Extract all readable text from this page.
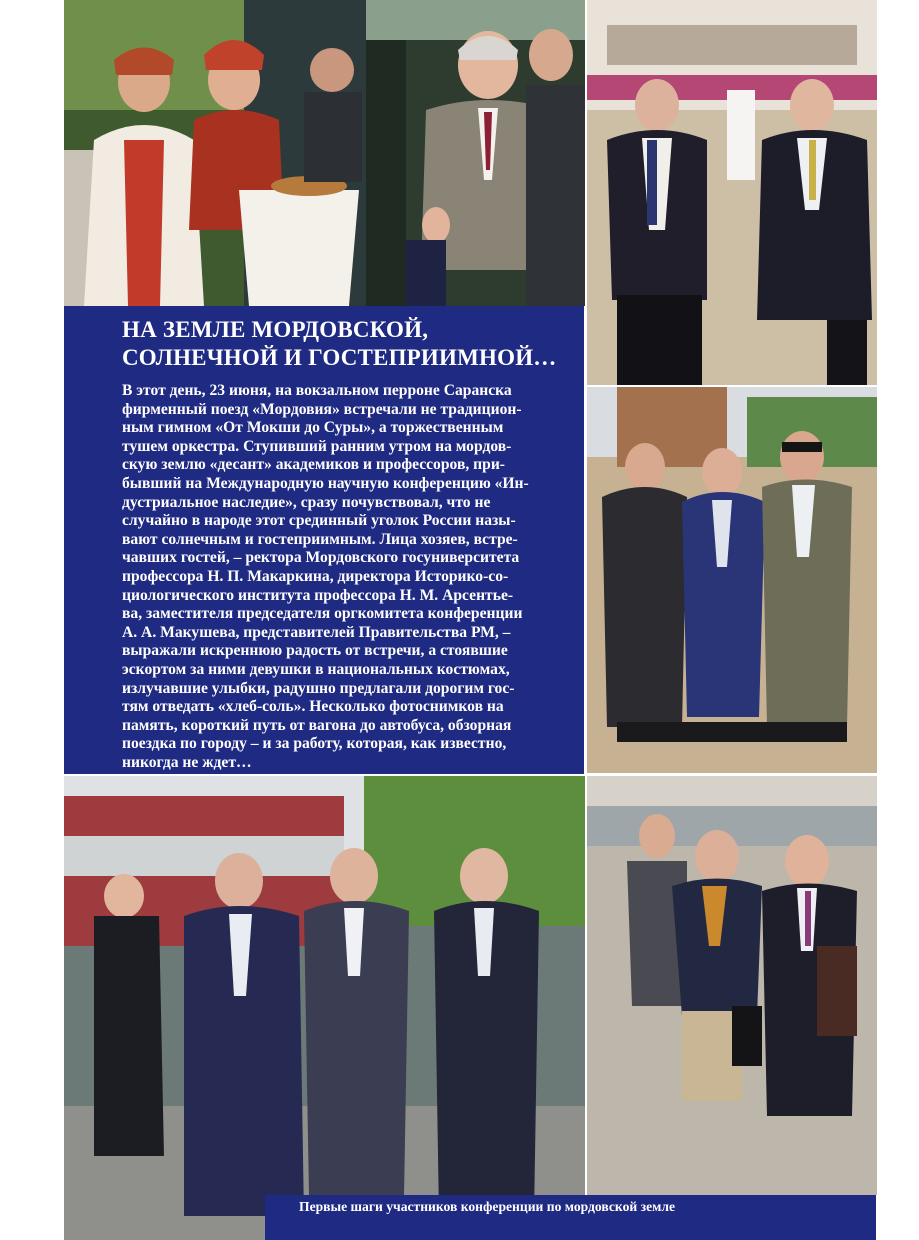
НА ЗЕМЛЕ МОРДОВСКОЙ,
СОЛНЕЧНОЙ И ГОСТЕПРИИМНОЙ…
В этот день, 23 июня, на вокзальном перроне Саранска
фирменный поезд «Мордовия» встречали не традицион-
ным гимном «От Мокши до Суры», а торжественным
тушем оркестра. Ступивший ранним утром на мордов-
скую землю «десант» академиков и профессоров, при-
бывший на Международную научную конференцию «Ин-
дустриальное наследие», сразу почувствовал, что не
случайно в народе этот срединный уголок России назы-
вают солнечным и гостеприимным. Лица хозяев, встре-
чавших гостей, – ректора Мордовского госуниверситета
профессора Н. П. Макаркина, директора Историко-со-
циологического института профессора Н. М. Арсентье-
ва, заместителя председателя оргкомитета конференции
А. А. Макушева, представителей Правительства РМ, –
выражали искреннюю радость от встречи, а стоявшие
эскортом за ними девушки в национальных костюмах,
излучавшие улыбки, радушно предлагали дорогим гос-
тям отведать «хлеб-соль». Несколько фотоснимков на
память, короткий путь от вагона до автобуса, обзорная
поездка по городу – и за работу, которая, как известно,
никогда не ждет…
Первые шаги участников конференции по мордовской земле
